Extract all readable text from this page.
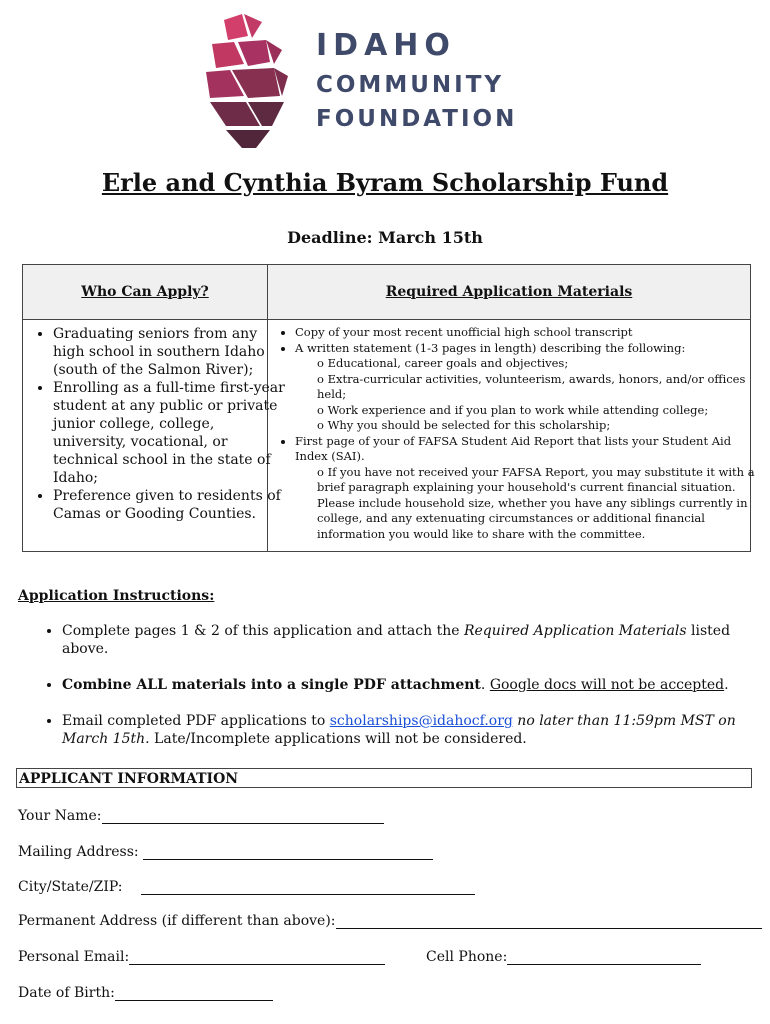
IDAHO
COMMUNITY
FOUNDATION
Erle and Cynthia Byram Scholarship Fund
Deadline: March 15th
Who Can Apply?	Required Application Materials
• Graduating seniors from any high school in southern Idaho (south of the Salmon River);
• Enrolling as a full-time first-year student at any public or private junior college, college, university, vocational, or technical school in the state of Idaho;
• Preference given to residents of Camas or Gooding Counties.
• Copy of your most recent unofficial high school transcript
• A written statement (1-3 pages in length) describing the following:
o Educational, career goals and objectives;
o Extra-curricular activities, volunteerism, awards, honors, and/or offices held;
o Work experience and if you plan to work while attending college;
o Why you should be selected for this scholarship;
• First page of your of FAFSA Student Aid Report that lists your Student Aid Index (SAI).
o If you have not received your FAFSA Report, you may substitute it with a brief paragraph explaining your household's current financial situation. Please include household size, whether you have any siblings currently in college, and any extenuating circumstances or additional financial information you would like to share with the committee.
Application Instructions:
• Complete pages 1 & 2 of this application and attach the Required Application Materials listed above.
• Combine ALL materials into a single PDF attachment. Google docs will not be accepted.
• Email completed PDF applications to scholarships@idahocf.org no later than 11:59pm MST on March 15th. Late/Incomplete applications will not be considered.
APPLICANT INFORMATION
Your Name:
Mailing Address:
City/State/ZIP:
Permanent Address (if different than above):
Personal Email:	Cell Phone:
Date of Birth:
